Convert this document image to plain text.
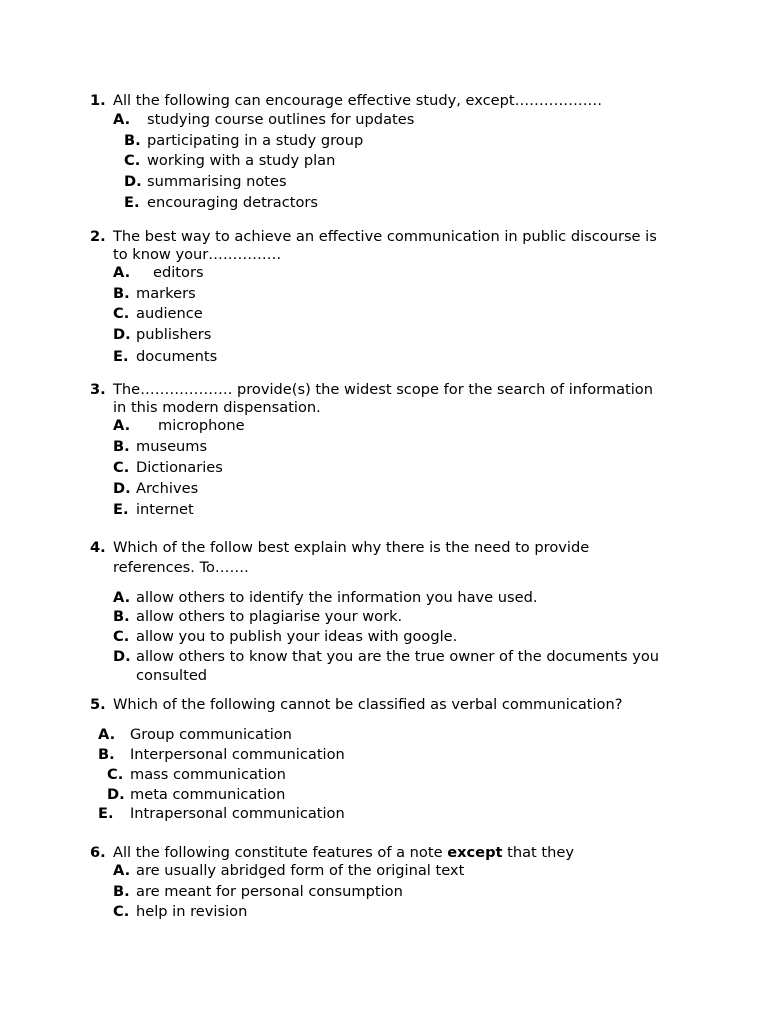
1. All the following can encourage effective study, except………………
A. studying course outlines for updates
B. participating in a study group
C. working with a study plan
D. summarising notes
E. encouraging detractors
2. The best way to achieve an effective communication in public discourse is
to know your……………
A. editors
B. markers
C. audience
D. publishers
E. documents
3. The………………. provide(s) the widest scope for the search of information
in this modern dispensation.
A. microphone
B. museums
C. Dictionaries
D. Archives
E. internet
4. Which of the follow best explain why there is the need to provide
references. To…….
A. allow others to identify the information you have used.
B. allow others to plagiarise your work.
C. allow you to publish your ideas with google.
D. allow others to know that you are the true owner of the documents you
consulted
5. Which of the following cannot be classified as verbal communication?
A. Group communication
B. Interpersonal communication
C. mass communication
D. meta communication
E. Intrapersonal communication
6. All the following constitute features of a note except that they
A. are usually abridged form of the original text
B. are meant for personal consumption
C. help in revision
